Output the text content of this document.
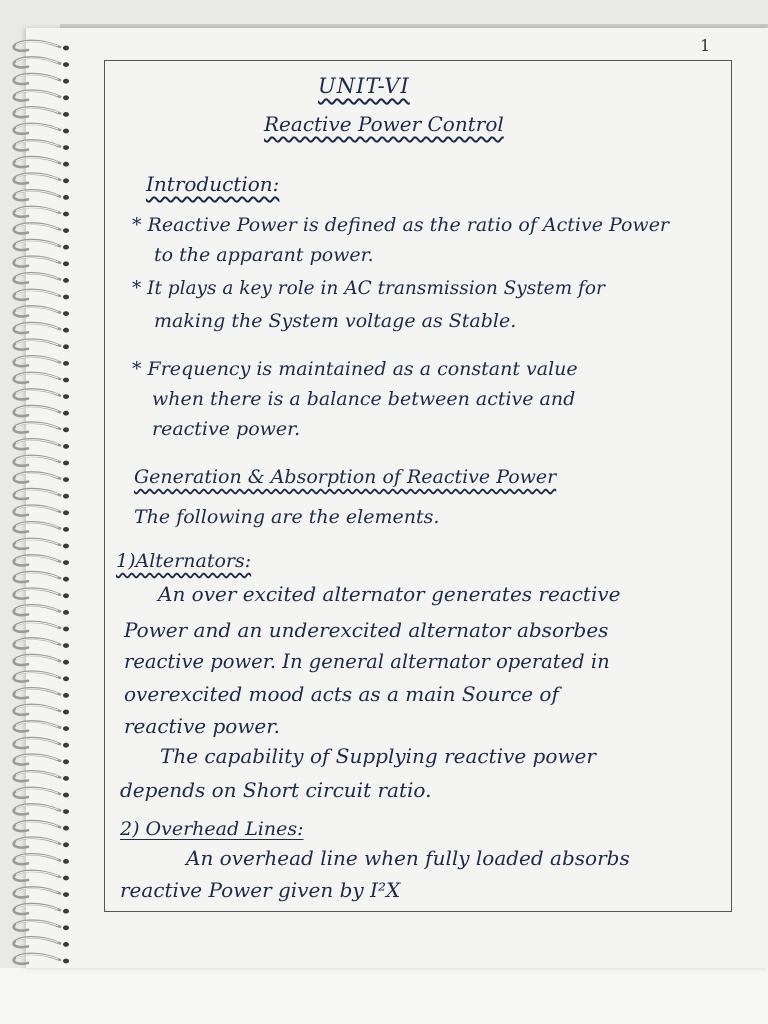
1
UNIT-VI
Reactive Power Control
Introduction:
* Reactive Power is defined as the ratio of Active Power
to the apparant power.
* It plays a key role in AC transmission System for
making the System voltage as Stable.
* Frequency is maintained as a constant value
when there is a balance between active and
reactive power.
Generation & Absorption of Reactive Power
The following are the elements.
1)Alternators:
An over excited alternator generates reactive
Power and an underexcited alternator absorbes
reactive power. In general alternator operated in
overexcited mood acts as a main Source of
reactive power.
The capability of Supplying reactive power
depends on Short circuit ratio.
2) Overhead Lines:
An overhead line when fully loaded absorbs
reactive Power given by I²X
